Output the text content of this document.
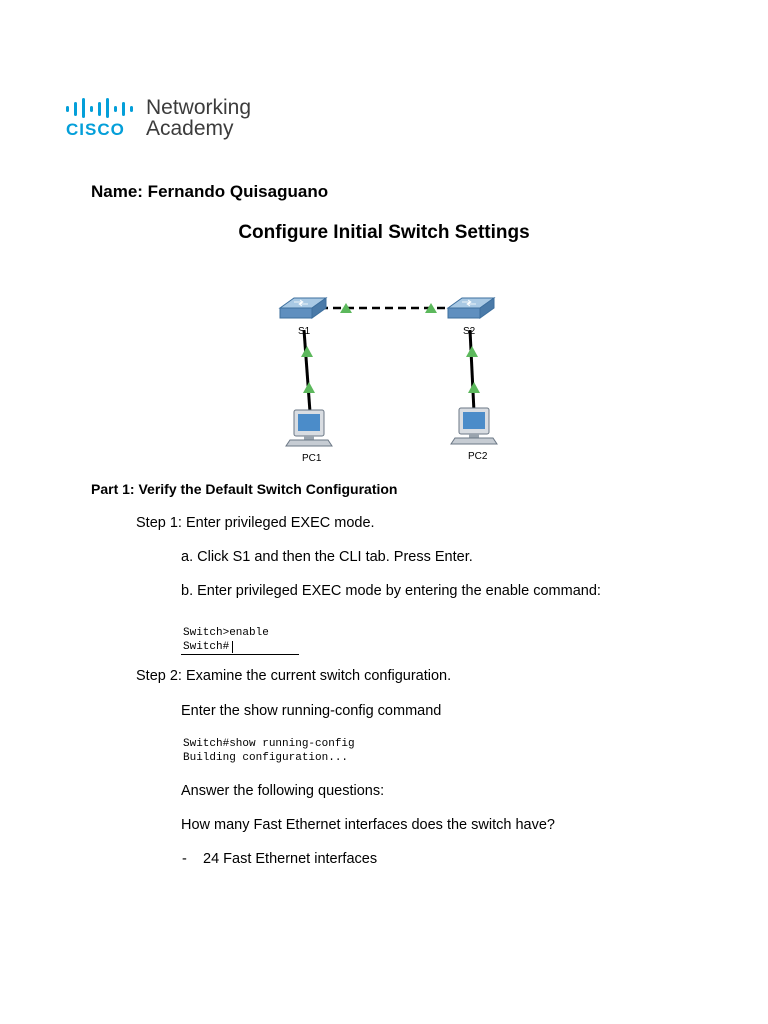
CISCO
Networking
Academy
Name: Fernando Quisaguano
Configure Initial Switch Settings
S1	S2
PC1	PC2
Part 1: Verify the Default Switch Configuration
Step 1: Enter privileged EXEC mode.
a. Click S1 and then the CLI tab. Press Enter.
b. Enter privileged EXEC mode by entering the enable command:
Switch>enable
Switch#
Step 2: Examine the current switch configuration.
Enter the show running-config command
Switch#show running-config
Building configuration...
Answer the following questions:
How many Fast Ethernet interfaces does the switch have?
- 24 Fast Ethernet interfaces
